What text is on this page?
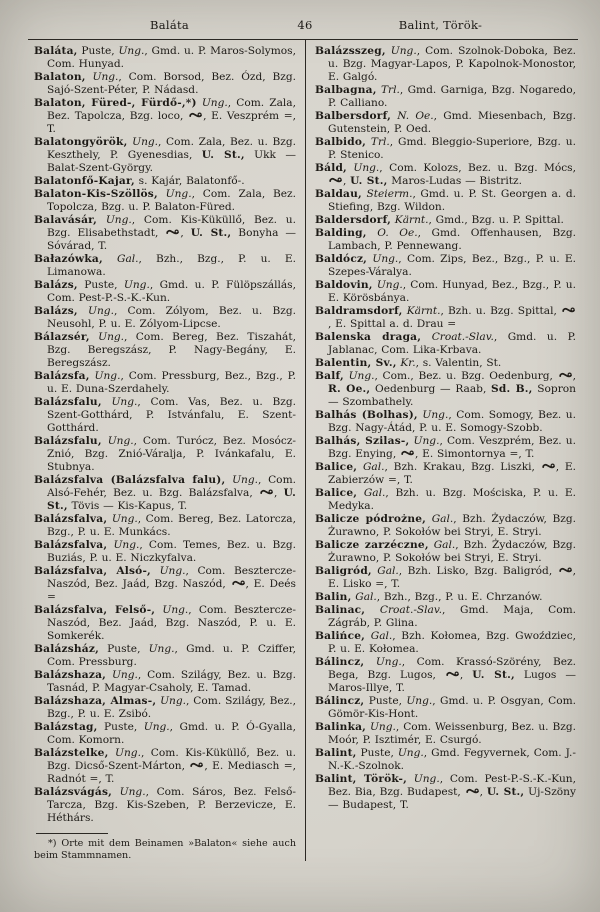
Baláta	46	Balint, Török-

Baláta, Puste, Ung., Gmd. u. P. Maros-Solymos, Com. Hunyad.

Balaton, Ung., Com. Borsod, Bez. Ózd, Bzg. Sajó-Szent-Péter, P. Nádasd.

Balaton, Füred-, Fürdő-,*) Ung., Com. Zala, Bez. Tapolcza, Bzg. loco,
, E. Veszprém =, T.

Balatongyörök, Ung., Com. Zala, Bez. u. Bzg. Keszthely, P. Gyenesdias, U. St., Ukk — Balat-Szent-György.

Balatonfő-Kajar, s. Kajár, Balatonfő-.

Balaton-Kis-Szöllös, Ung., Com. Zala, Bez. Topolcza, Bzg. u. P. Balaton-Füred.

Balavásár, Ung., Com. Kis-Küküllő, Bez. u. Bzg. Elisabethstadt,
, U. St., Bonyha — Sóvárad, T.

Bałazówka, Gal., Bzh., Bzg., P. u. E. Limanowa.

Balázs, Puste, Ung., Gmd. u. P. Fülöpszállás, Com. Pest-P.-S.-K.-Kun.

Balázs, Ung., Com. Zólyom, Bez. u. Bzg. Neusohl, P. u. E. Zólyom-Lipcse.

Bálazsér, Ung., Com. Bereg, Bez. Tiszahát, Bzg. Beregszász, P. Nagy-Begány, E. Beregszász.

Balázsfa, Ung., Com. Pressburg, Bez., Bzg., P. u. E. Duna-Szerdahely.

Balázsfalu, Ung., Com. Vas, Bez. u. Bzg. Szent-Gotthárd, P. Istvánfalu, E. Szent-Gotthárd.

Balázsfalu, Ung., Com. Turócz, Bez. Mosócz-Znió, Bzg. Znió-Váralja, P. Ivánkafalu, E. Stubnya.

Balázsfalva (Balázsfalva falu), Ung., Com. Alsó-Fehér, Bez. u. Bzg. Balázsfalva,
, U. St., Tövis — Kis-Kapus, T.

Balázsfalva, Ung., Com. Bereg, Bez. Latorcza, Bzg., P. u. E. Munkács.

Balázsfalva, Ung., Com. Temes, Bez. u. Bzg. Buziás, P. u. E. Niczkyfalva.

Balázsfalva, Alsó-, Ung., Com. Besztercze-Naszód, Bez. Jaád, Bzg. Naszód,
, E. Deés =

Balázsfalva, Felső-, Ung., Com. Besztercze-Naszód, Bez. Jaád, Bzg. Naszód, P. u. E. Somkerék.

Balázsház, Puste, Ung., Gmd. u. P. Cziffer, Com. Pressburg.

Balázshaza, Ung., Com. Szilágy, Bez. u. Bzg. Tasnád, P. Magyar-Csaholy, E. Tamad.

Balázshaza, Almas-, Ung., Com. Szilágy, Bez., Bzg., P. u. E. Zsibó.

Balázstag, Puste, Ung., Gmd. u. P. Ó-Gyalla, Com. Komorn.

Balázstelke, Ung., Com. Kis-Küküllő, Bez. u. Bzg. Dicső-Szent-Márton,
, E. Mediasch =, Radnót =, T.

Balázsvágás, Ung., Com. Sáros, Bez. Felső-Tarcza, Bzg. Kis-Szeben, P. Berzevicze, E. Héthárs.

*) Orte mit dem Beinamen »Balaton« siehe auch beim Stammnamen.

Balázsszeg, Ung., Com. Szolnok-Doboka, Bez. u. Bzg. Magyar-Lapos, P. Kapolnok-Monostor, E. Galgó.

Balbagna, Trl., Gmd. Garniga, Bzg. Nogaredo, P. Calliano.

Balbersdorf, N. Oe., Gmd. Miesenbach, Bzg. Gutenstein, P. Oed.

Balbido, Trl., Gmd. Bleggio-Superiore, Bzg. u. P. Stenico.

Báld, Ung., Com. Kolozs, Bez. u. Bzg. Mócs,
, U. St., Maros-Ludas — Bistritz.

Baldau, Steierm., Gmd. u. P. St. Georgen a. d. Stiefing, Bzg. Wildon.

Baldersdorf, Kärnt., Gmd., Bzg. u. P. Spittal.

Balding, O. Oe., Gmd. Offenhausen, Bzg. Lambach, P. Pennewang.

Baldócz, Ung., Com. Zips, Bez., Bzg., P. u. E. Szepes-Váralya.

Baldovin, Ung., Com. Hunyad, Bez., Bzg., P. u. E. Körösbánya.

Baldramsdorf, Kärnt., Bzh. u. Bzg. Spittal,
, E. Spittal a. d. Drau =

Balenska draga, Croat.-Slav., Gmd. u. P. Jablanac, Com. Lika-Krbava.

Balentin, Sv., Kr., s. Valentin, St.

Balf, Ung., Com., Bez. u. Bzg. Oedenburg,
, R. Oe., Oedenburg — Raab, Sd. B., Sopron — Szombathely.

Balhás (Bolhas), Ung., Com. Somogy, Bez. u. Bzg. Nagy-Átád, P. u. E. Somogy-Szobb.

Balhás, Szilas-, Ung., Com. Veszprém, Bez. u. Bzg. Enying,
, E. Simontornya =, T.

Balice, Gal., Bzh. Krakau, Bzg. Liszki,
, E. Zabierzów =, T.

Balice, Gal., Bzh. u. Bzg. Mościska, P. u. E. Medyka.

Balicze pódrożne, Gal., Bzh. Żydaczów, Bzg. Żurawno, P. Sokołów bei Stryi, E. Stryi.

Balicze zarzéczne, Gal., Bzh. Żydaczów, Bzg. Żurawno, P. Sokołów bei Stryi, E. Stryi.

Baligród, Gal., Bzh. Lisko, Bzg. Baligród,
, E. Lisko =, T.

Balin, Gal., Bzh., Bzg., P. u. E. Chrzanów.

Balinac, Croat.-Slav., Gmd. Maja, Com. Zágráb, P. Glina.

Balińce, Gal., Bzh. Kołomea, Bzg. Gwoździec, P. u. E. Kołomea.

Bálincz, Ung., Com. Krassó-Szörény, Bez. Bega, Bzg. Lugos,
, U. St., Lugos — Maros-Illye, T.

Bálincz, Puste, Ung., Gmd. u. P. Osgyan, Com. Gömör-Kis-Hont.

Balinka, Ung., Com. Weissenburg, Bez. u. Bzg. Moór, P. Isztimér, E. Csurgó.

Balint, Puste, Ung., Gmd. Fegyvernek, Com. J.-N.-K.-Szolnok.

Balint, Török-, Ung., Com. Pest-P.-S.-K.-Kun, Bez. Bia, Bzg. Budapest,
, U. St., Uj-Szöny — Budapest, T.
